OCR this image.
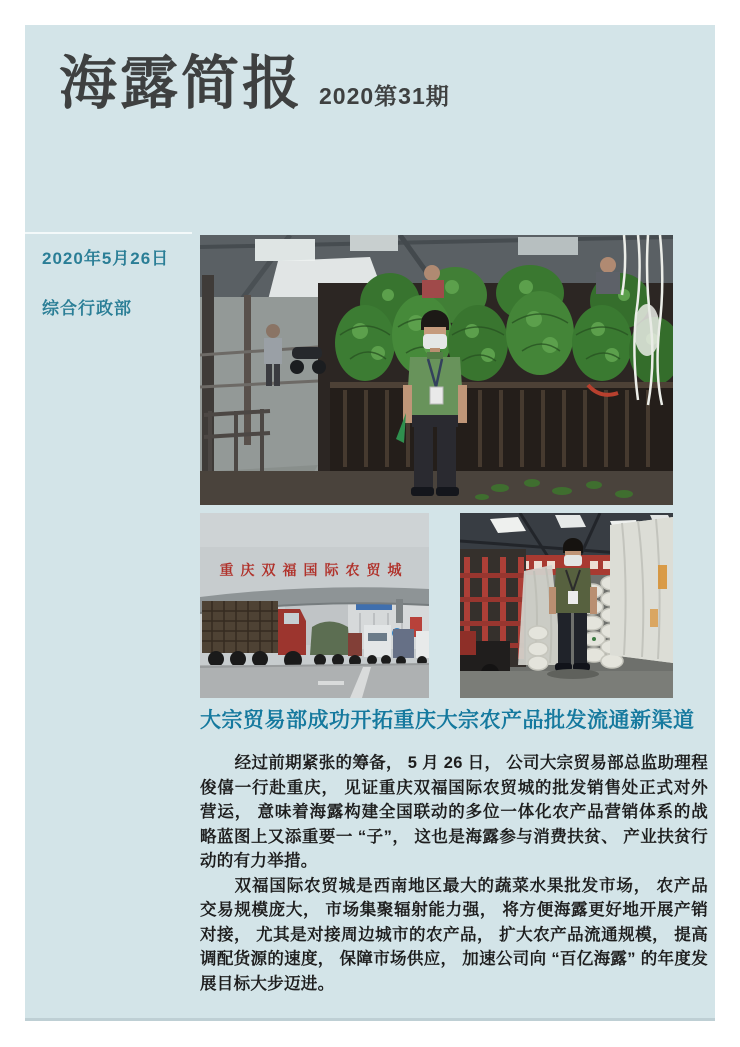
海露简报 2020第31期
2020年5月26日
综合行政部
重庆双福国际农贸城
大宗贸易部成功开拓重庆大宗农产品批发流通新渠道

经过前期紧张的筹备， 5 月 26 日， 公司大宗贸易部总监助理程俊僖一行赴重庆， 见证重庆双福国际农贸城的批发销售处正式对外营运， 意味着海露构建全国联动的多位一体化农产品营销体系的战略蓝图上又添重要一 “子”， 这也是海露参与消费扶贫、 产业扶贫行动的有力举措。

双福国际农贸城是西南地区最大的蔬菜水果批发市场， 农产品交易规模庞大， 市场集聚辐射能力强， 将方便海露更好地开展产销对接， 尤其是对接周边城市的农产品， 扩大农产品流通规模， 提高调配货源的速度， 保障市场供应， 加速公司向 “百亿海露” 的年度发展目标大步迈进。
